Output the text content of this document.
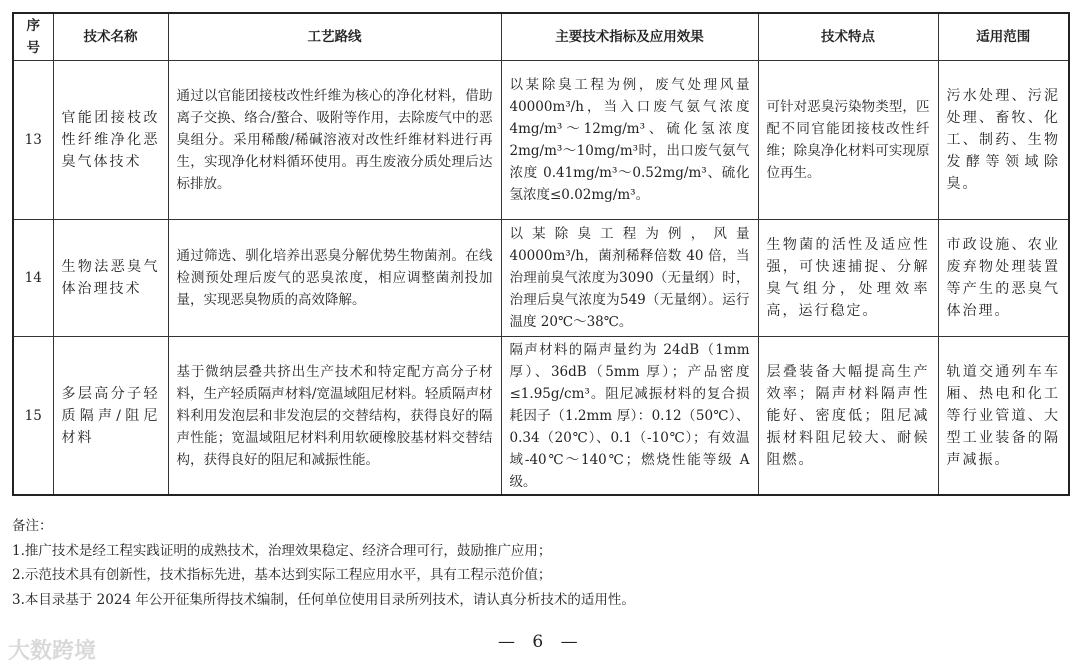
序号	技术名称	工艺路线	主要技术指标及应用效果	技术特点	适用范围
13	官能团接枝改性纤维净化恶臭气体技术	通过以官能团接枝改性纤维为核心的净化材料，借助离子交换、络合/螯合、吸附等作用，去除废气中的恶臭组分。采用稀酸/稀碱溶液对改性纤维材料进行再生，实现净化材料循环使用。再生废液分质处理后达标排放。	以某除臭工程为例，废气处理风量40000m³/h，当入口废气氨气浓度4mg/m³～12mg/m³、硫化氢浓度2mg/m³～10mg/m³时，出口废气氨气浓度 0.41mg/m³～0.52mg/m³、硫化氢浓度≤0.02mg/m³。	可针对恶臭污染物类型，匹配不同官能团接枝改性纤维；除臭净化材料可实现原位再生。	污水处理、污泥处理、畜牧、化工、制药、生物发酵等领域除臭。
14	生物法恶臭气体治理技术	通过筛选、驯化培养出恶臭分解优势生物菌剂。在线检测预处理后废气的恶臭浓度，相应调整菌剂投加量，实现恶臭物质的高效降解。	以某除臭工程为例，风量 40000m³/h，菌剂稀释倍数 40 倍，当治理前臭气浓度为3090（无量纲）时，治理后臭气浓度为549（无量纲）。运行温度 20℃～38℃。	生物菌的活性及适应性强，可快速捕捉、分解臭气组分，处理效率高，运行稳定。	市政设施、农业废弃物处理装置等产生的恶臭气体治理。
15	多层高分子轻质隔声/阻尼材料	基于微纳层叠共挤出生产技术和特定配方高分子材料，生产轻质隔声材料/宽温域阻尼材料。轻质隔声材料利用发泡层和非发泡层的交替结构，获得良好的隔声性能；宽温域阻尼材料利用软硬橡胶基材料交替结构，获得良好的阻尼和减振性能。	隔声材料的隔声量约为 24dB（1mm 厚）、36dB（5mm 厚）；产品密度≤1.95g/cm³。阻尼减振材料的复合损耗因子（1.2mm 厚）：0.12（50℃）、0.34（20℃）、0.1（-10℃）；有效温域-40℃～140℃；燃烧性能等级 A 级。	层叠装备大幅提高生产效率；隔声材料隔声性能好、密度低；阻尼减振材料阻尼较大、耐候阻燃。	轨道交通列车车厢、热电和化工等行业管道、大型工业装备的隔声减振。
备注：
1.推广技术是经工程实践证明的成熟技术，治理效果稳定、经济合理可行，鼓励推广应用；
2.示范技术具有创新性，技术指标先进，基本达到实际工程应用水平，具有工程示范价值；
3.本目录基于 2024 年公开征集所得技术编制，任何单位使用目录所列技术，请认真分析技术的适用性。
大数跨境	— 6 —
